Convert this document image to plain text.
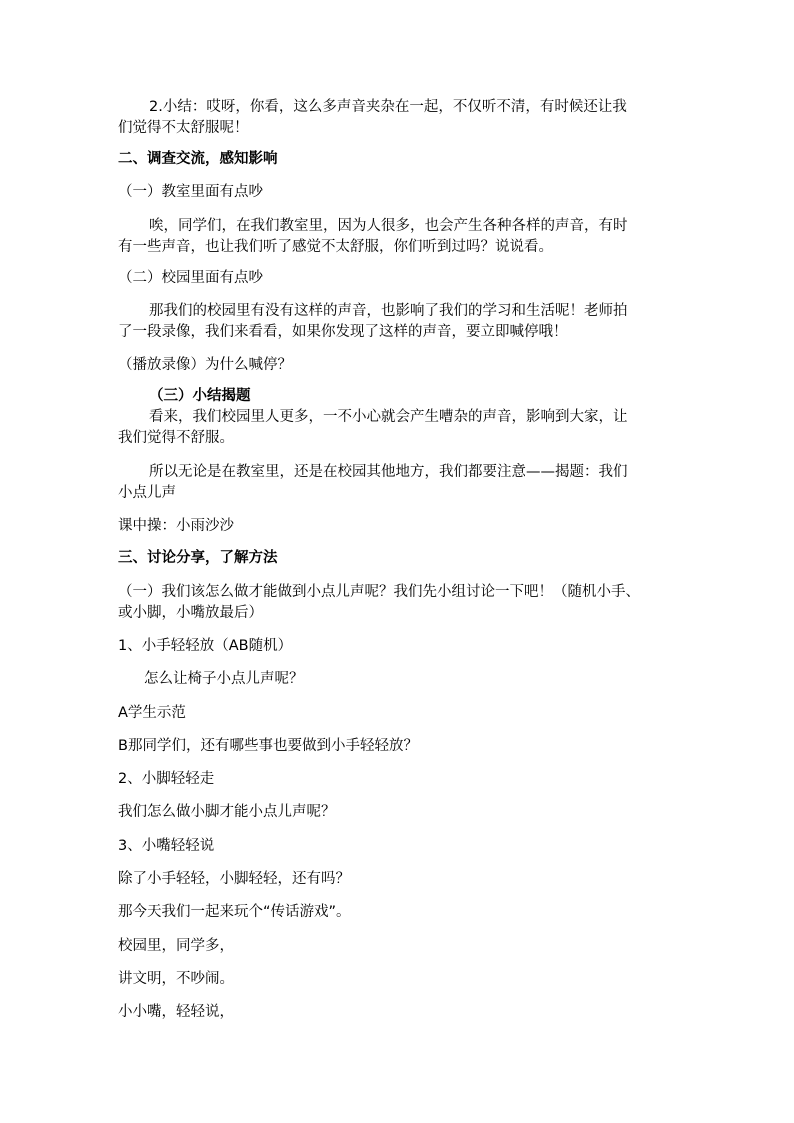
2.小结：哎呀，你看，这么多声音夹杂在一起，不仅听不清，有时候还让我
们觉得不太舒服呢！
二、调查交流，感知影响
（一）教室里面有点吵
唉，同学们，在我们教室里，因为人很多，也会产生各种各样的声音，有时
有一些声音，也让我们听了感觉不太舒服，你们听到过吗？说说看。
（二）校园里面有点吵
那我们的校园里有没有这样的声音，也影响了我们的学习和生活呢！老师拍
了一段录像，我们来看看，如果你发现了这样的声音，要立即喊停哦！
（播放录像）为什么喊停？
（三）小结揭题
看来，我们校园里人更多，一不小心就会产生嘈杂的声音，影响到大家，让
我们觉得不舒服。
所以无论是在教室里，还是在校园其他地方，我们都要注意——揭题：我们
小点儿声
课中操：小雨沙沙
三、讨论分享，了解方法
（一）我们该怎么做才能做到小点儿声呢？我们先小组讨论一下吧！（随机小手、
或小脚，小嘴放最后）
1、小手轻轻放（AB随机）
怎么让椅子小点儿声呢？
A学生示范
B那同学们，还有哪些事也要做到小手轻轻放？
2、小脚轻轻走
我们怎么做小脚才能小点儿声呢？
3、小嘴轻轻说
除了小手轻轻，小脚轻轻，还有吗？
那今天我们一起来玩个“传话游戏”。
校园里，同学多，
讲文明，不吵闹。
小小嘴，轻轻说，
